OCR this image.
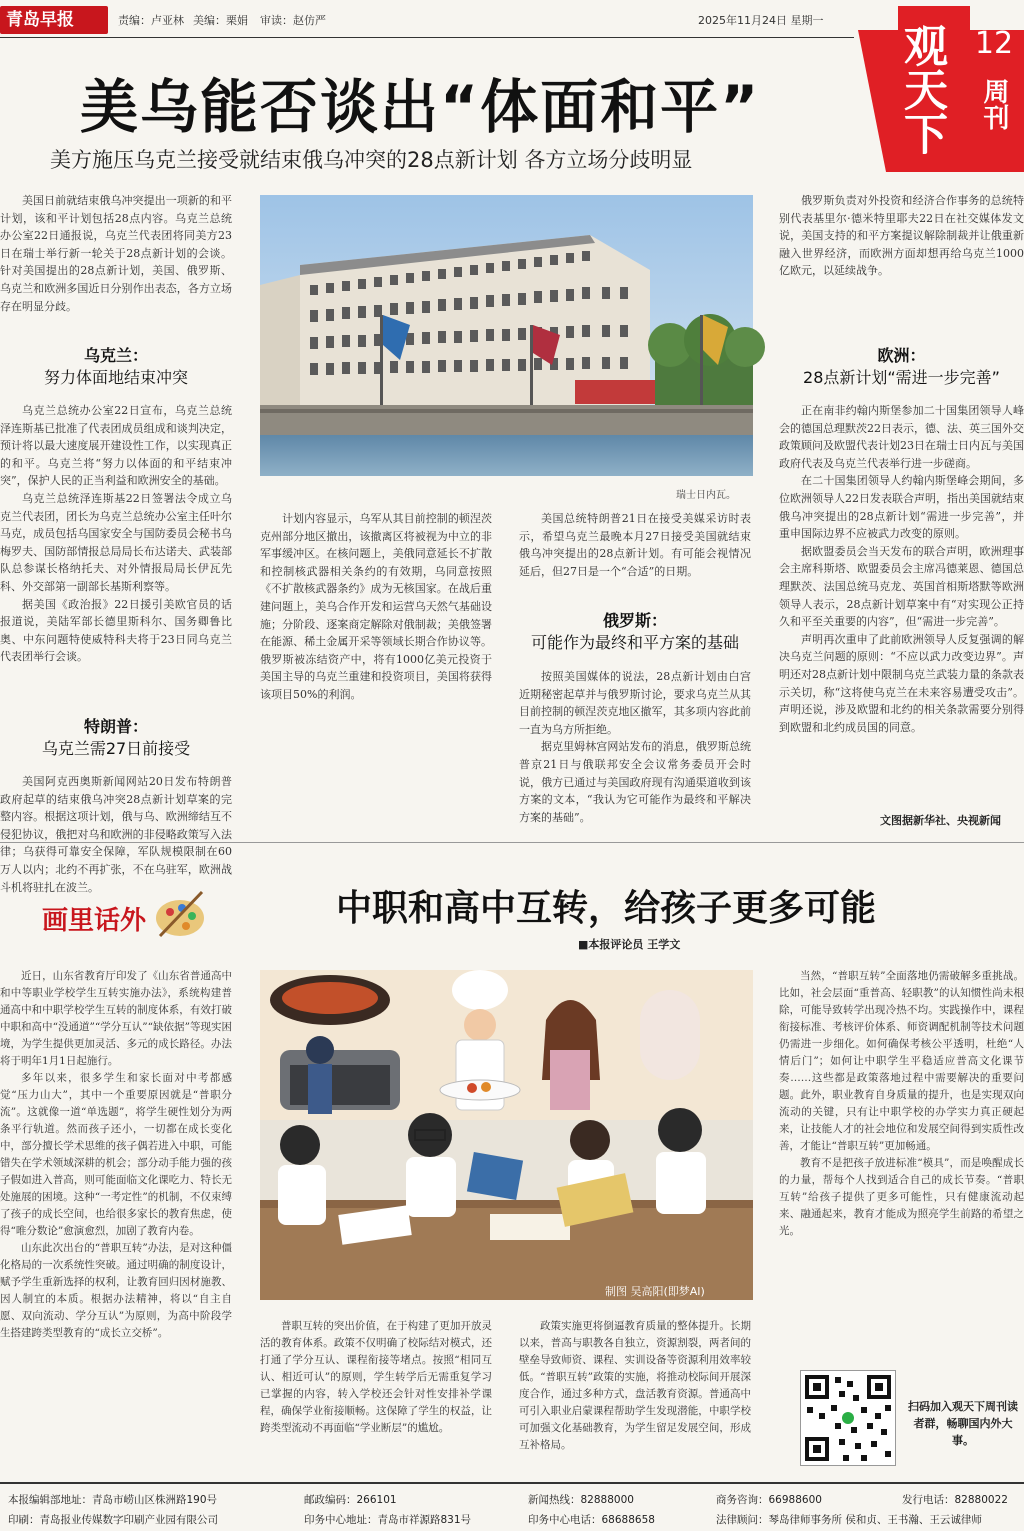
青岛早报	责编：卢亚林 美编：栗娟 审读：赵仿严	2025年11月24日 星期一
观天下 12
周刊
美乌能否谈出“体面和平”
美方施压乌克兰接受就结束俄乌冲突的28点新计划 各方立场分歧明显

美国日前就结束俄乌冲突提出一项新的和平计划，该和平计划包括28点内容。乌克兰总统办公室22日通报说，乌克兰代表团将同美方23日在瑞士举行新一轮关于28点新计划的会谈。针对美国提出的28点新计划，美国、俄罗斯、乌克兰和欧洲多国近日分别作出表态，各方立场存在明显分歧。

乌克兰：
努力体面地结束冲突

乌克兰总统办公室22日宣布，乌克兰总统泽连斯基已批准了代表团成员组成和谈判决定，预计将以最大速度展开建设性工作，以实现真正的和平。乌克兰将“努力以体面的和平结束冲突”，保护人民的正当利益和欧洲安全的基础。

乌克兰总统泽连斯基22日签署法令成立乌克兰代表团，团长为乌克兰总统办公室主任叶尔马克，成员包括乌国家安全与国防委员会秘书乌梅罗夫、国防部情报总局局长布达诺夫、武装部队总参谋长格纳托夫、对外情报局局长伊瓦先科、外交部第一副部长基斯利察等。

据美国《政治报》22日援引美欧官员的话报道说，美陆军部长德里斯科尔、国务卿鲁比奥、中东问题特使威特科夫将于23日同乌克兰代表团举行会谈。

特朗普：
乌克兰需27日前接受

美国阿克西奥斯新闻网站20日发布特朗普政府起草的结束俄乌冲突28点新计划草案的完整内容。根据这项计划，俄与乌、欧洲缔结互不侵犯协议，俄把对乌和欧洲的非侵略政策写入法律；乌获得可靠安全保障，军队规模限制在60万人以内；北约不再扩张，不在乌驻军，欧洲战斗机将驻扎在波兰。

瑞士日内瓦。

计划内容显示，乌军从其目前控制的顿涅茨克州部分地区撤出，该撤离区将被视为中立的非军事缓冲区。在核问题上，美俄同意延长不扩散和控制核武器相关条约的有效期，乌同意按照《不扩散核武器条约》成为无核国家。在战后重建问题上，美乌合作开发和运营乌天然气基础设施；分阶段、逐案商定解除对俄制裁；美俄签署在能源、稀土金属开采等领域长期合作协议等。俄罗斯被冻结资产中，将有1000亿美元投资于美国主导的乌克兰重建和投资项目，美国将获得该项目50%的利润。

美国总统特朗普21日在接受美媒采访时表示，希望乌克兰最晚本月27日接受美国就结束俄乌冲突提出的28点新计划。有可能会视情况延后，但27日是一个“合适”的日期。

俄罗斯：
可能作为最终和平方案的基础

按照美国媒体的说法，28点新计划由白宫近期秘密起草并与俄罗斯讨论，要求乌克兰从其目前控制的顿涅茨克地区撤军，其多项内容此前一直为乌方所拒绝。

据克里姆林宫网站发布的消息，俄罗斯总统普京21日与俄联邦安全会议常务委员开会时说，俄方已通过与美国政府现有沟通渠道收到该方案的文本，“我认为它可能作为最终和平解决方案的基础”。

俄罗斯负责对外投资和经济合作事务的总统特别代表基里尔·德米特里耶夫22日在社交媒体发文说，美国支持的和平方案提议解除制裁并让俄重新融入世界经济，而欧洲方面却想再给乌克兰1000亿欧元，以延续战争。

欧洲：
28点新计划“需进一步完善”

正在南非约翰内斯堡参加二十国集团领导人峰会的德国总理默茨22日表示，德、法、英三国外交政策顾问及欧盟代表计划23日在瑞士日内瓦与美国政府代表及乌克兰代表举行进一步磋商。

在二十国集团领导人约翰内斯堡峰会期间，多位欧洲领导人22日发表联合声明，指出美国就结束俄乌冲突提出的28点新计划“需进一步完善”，并重申国际边界不应被武力改变的原则。

据欧盟委员会当天发布的联合声明，欧洲理事会主席科斯塔、欧盟委员会主席冯德莱恩、德国总理默茨、法国总统马克龙、英国首相斯塔默等欧洲领导人表示，28点新计划草案中有“对实现公正持久和平至关重要的内容”，但“需进一步完善”。

声明再次重申了此前欧洲领导人反复强调的解决乌克兰问题的原则：“不应以武力改变边界”。声明还对28点新计划中限制乌克兰武装力量的条款表示关切，称“这将使乌克兰在未来容易遭受攻击”。声明还说，涉及欧盟和北约的相关条款需要分别得到欧盟和北约成员国的同意。

文图据新华社、央视新闻
画里话外	中职和高中互转，给孩子更多可能
■本报评论员 王学文

近日，山东省教育厅印发了《山东省普通高中和中等职业学校学生互转实施办法》，系统构建普通高中和中职学校学生互转的制度体系，有效打破中职和高中“没通道”“学分互认”“缺依据”等现实困境，为学生提供更加灵活、多元的成长路径。办法将于明年1月1日起施行。

多年以来，很多学生和家长面对中考都感觉“压力山大”，其中一个重要原因就是“普职分流”。这就像一道“单选题”，将学生硬性划分为两条平行轨道。然而孩子还小，一切都在成长变化中，部分擅长学术思维的孩子偶若进入中职，可能错失在学术领域深耕的机会；部分动手能力强的孩子假如进入普高，则可能面临文化课吃力、特长无处施展的困境。这种“一考定性”的机制，不仅束缚了孩子的成长空间，也给很多家长的教育焦虑，使得“唯分数论”愈演愈烈，加剧了教育内卷。

山东此次出台的“普职互转”办法，是对这种僵化格局的一次系统性突破。通过明确的制度设计，赋予学生重新选择的权利，让教育回归因材施教、因人制宜的本质。根据办法精神，将以“自主自愿、双向流动、学分互认”为原则，为高中阶段学生搭建跨类型教育的“成长立交桥”。

制图 吴高阳(即梦AI)

普职互转的突出价值，在于构建了更加开放灵活的教育体系。政策不仅明确了校际结对模式，还打通了学分互认、课程衔接等堵点。按照“相同互认、相近可认”的原则，学生转学后无需重复学习已掌握的内容，转入学校还会针对性安排补学课程，确保学业衔接顺畅。这保障了学生的权益，让跨类型流动不再面临“学业断层”的尴尬。

政策实施更将倒逼教育质量的整体提升。长期以来，普高与职教各自独立，资源割裂，两者间的壁垒导致师资、课程、实训设备等资源利用效率较低。“普职互转”政策的实施，将推动校际间开展深度合作，通过多种方式，盘活教育资源。普通高中可引入职业启蒙课程帮助学生发现潜能，中职学校可加强文化基础教育，为学生留足发展空间，形成互补格局。

当然，“普职互转”全面落地仍需破解多重挑战。比如，社会层面“重普高、轻职教”的认知惯性尚未根除，可能导致转学出现冷热不均。实践操作中，课程衔接标准、考核评价体系、师资调配机制等技术问题仍需进一步细化。如何确保考核公平透明，杜绝“人情后门”；如何让中职学生平稳适应普高文化课节奏……这些都是政策落地过程中需要解决的重要问题。此外，职业教育自身质量的提升，也是实现双向流动的关键，只有让中职学校的办学实力真正硬起来，让技能人才的社会地位和发展空间得到实质性改善，才能让“普职互转”更加畅通。

教育不是把孩子放进标准“模具”，而是唤醒成长的力量，帮每个人找到适合自己的成长节奏。“普职互转”给孩子提供了更多可能性，只有健康流动起来、融通起来，教育才能成为照亮学生前路的希望之光。

扫码加入观天下周刊读者群，畅聊国内外大事。
本报编辑部地址：青岛市崂山区株洲路190号	邮政编码：266101	新闻热线：82888000	商务咨询：66988600	发行电话：82880022
印刷：青岛报业传媒数字印刷产业园有限公司	印务中心地址：青岛市祥源路831号	印务中心电话：68688658	法律顾问：琴岛律师事务所 侯和贞、王书瀚、王云诚律师
